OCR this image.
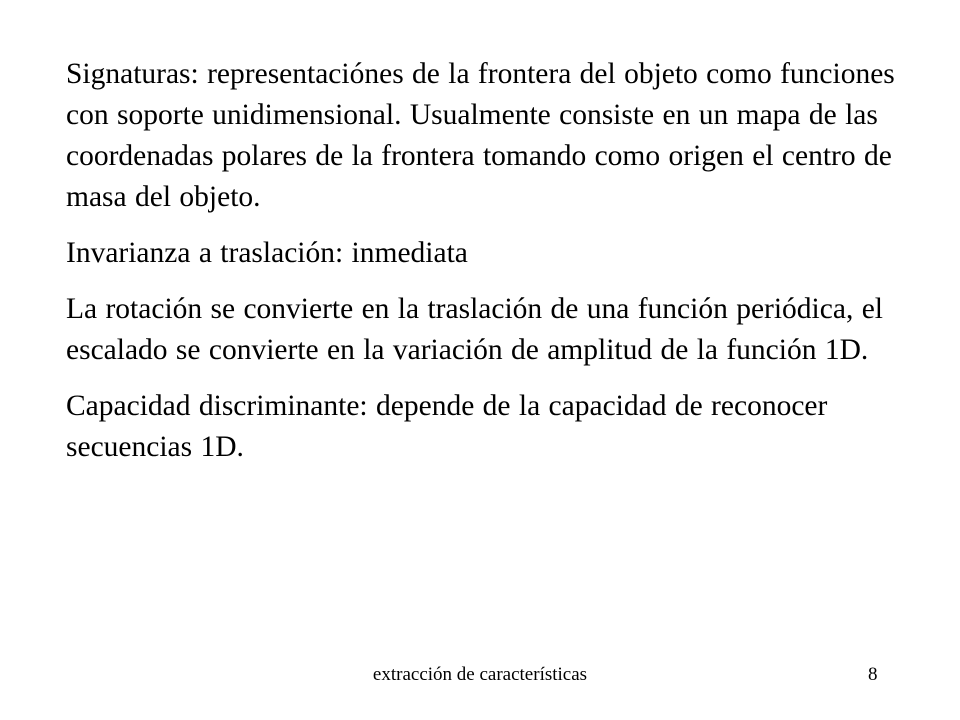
Signaturas: representaciónes de la frontera del objeto como funciones con soporte unidimensional. Usualmente consiste en un mapa de las coordenadas polares de la frontera tomando como origen el centro de masa del objeto.

Invarianza a traslación: inmediata

La rotación se convierte en la traslación de una función periódica, el escalado se convierte en la variación de amplitud de la función 1D.

Capacidad discriminante: depende de la capacidad de reconocer secuencias 1D.

extracción de características	8
